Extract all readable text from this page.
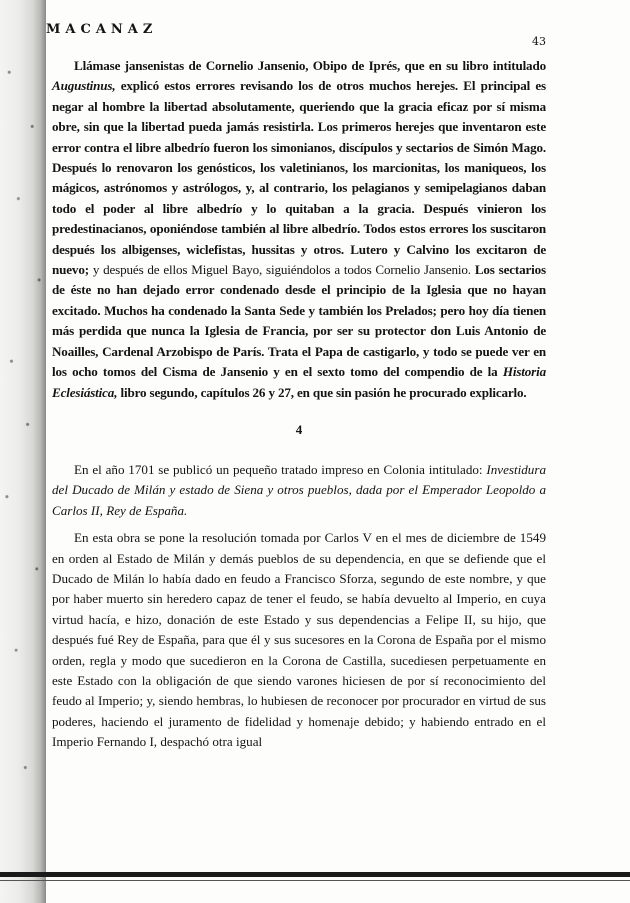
MACANAZ
43

Llámase jansenistas de Cornelio Jansenio, Obipo de Iprés, que en su libro intitulado Augustinus, explicó estos errores revisando los de otros muchos herejes. El principal es negar al hombre la libertad absolutamente, queriendo que la gracia eficaz por sí misma obre, sin que la libertad pueda jamás resistirla. Los primeros herejes que inventaron este error contra el libre albedrío fueron los simonianos, discípulos y sectarios de Simón Mago. Después lo renovaron los genósticos, los valetinianos, los marcionitas, los maniqueos, los mágicos, astrónomos y astrólogos, y, al contrario, los pelagianos y semipelagianos daban todo el poder al libre albedrío y lo quitaban a la gracia. Después vinieron los predestinacianos, oponiéndose también al libre albedrío. Todos estos errores los suscitaron después los albigenses, wiclefistas, hussitas y otros. Lutero y Calvino los excitaron de nuevo; y después de ellos Miguel Bayo, siguiéndolos a todos Cornelio Jansenio. Los sectarios de éste no han dejado error condenado desde el principio de la Iglesia que no hayan excitado. Muchos ha condenado la Santa Sede y también los Prelados; pero hoy día tienen más perdida que nunca la Iglesia de Francia, por ser su protector don Luis Antonio de Noailles, Cardenal Arzobispo de París. Trata el Papa de castigarlo, y todo se puede ver en los ocho tomos del Cisma de Jansenio y en el sexto tomo del compendio de la Historia Eclesiástica, libro segundo, capítulos 26 y 27, en que sin pasión he procurado explicarlo.

4

En el año 1701 se publicó un pequeño tratado impreso en Colonia intitulado: Investidura del Ducado de Milán y estado de Siena y otros pueblos, dada por el Emperador Leopoldo a Carlos II, Rey de España.

En esta obra se pone la resolución tomada por Carlos V en el mes de diciembre de 1549 en orden al Estado de Milán y demás pueblos de su dependencia, en que se defiende que el Ducado de Milán lo había dado en feudo a Francisco Sforza, segundo de este nombre, y que por haber muerto sin heredero capaz de tener el feudo, se había devuelto al Imperio, en cuya virtud hacía, e hizo, donación de este Estado y sus dependencias a Felipe II, su hijo, que después fué Rey de España, para que él y sus sucesores en la Corona de España por el mismo orden, regla y modo que sucedieron en la Corona de Castilla, sucediesen perpetuamente en este Estado con la obligación de que siendo varones hiciesen de por sí reconocimiento del feudo al Imperio; y, siendo hembras, lo hubiesen de reconocer por procurador en virtud de sus poderes, haciendo el juramento de fidelidad y homenaje debido; y habiendo entrado en el Imperio Fernando I, despachó otra igual
